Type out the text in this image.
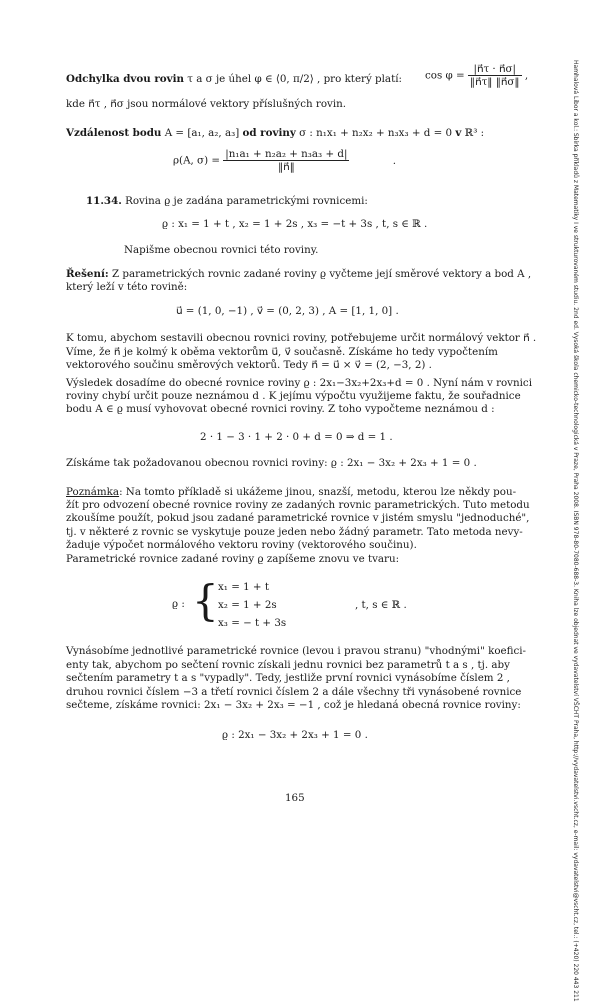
Hamhalová Libor a kol.: Sbírka příkladů z Matematiky I ve strukturovaném studiu. 2nd ed. Vysoká škola chemicko-technologická v Praze, Praha 2008. ISBN 978-80-7080-688-3. Kniha lze objednat ve vydavatelství VŠCHT Praha, http://vydavatelstvi.vscht.cz, e-mail: vydavatelstvi@vscht.cz, tel.: (+420) 220 443 211
Odchylka dvou rovin τ a σ je úhel φ ∈ ⟨0, π/2⟩ , pro který platí: $\cos \varphi = \frac{|n⃗\tau \cdot n⃗\sigma|}{‖n⃗\tau‖ ‖n⃗\sigma‖}$ ,
kde n⃗τ , n⃗σ jsou normálové vektory příslušných rovin.
Vzdálenost bodu A = [a₁, a₂, a₃] od roviny σ : n₁x₁ + n₂x₂ + n₃x₃ + d = 0 v ℝ³ :
ρ(A, $\sigma) = \frac{\text{|n₁a₁ + n₂a₂ + n₃a₃ + d|}}{‖n⃗‖}$	.
11.34. Rovina ϱ je zadána parametrickými rovnicemi:
ϱ : x₁ = 1 + t , x₂ = 1 + 2s , x₃ = −t + 3s , t, s ∈ ℝ .
Napišme obecnou rovnici této roviny.
Řešení: Z parametrických rovnic zadané roviny ϱ vyčteme její směrové vektory a bod A ,
který leží v této rovině:
u⃗ = (1, 0, −1) , v⃗ = (0, 2, 3) , A = [1, 1, 0] .
K tomu, abychom sestavili obecnou rovnici roviny, potřebujeme určit normálový vektor n⃗ .
Víme, že n⃗ je kolmý k oběma vektorům u⃗, v⃗ současně. Získáme ho tedy vypočtením
vektorového součinu směrových vektorů. Tedy n⃗ = u⃗ × v⃗ = (2, −3, 2) .
Výsledek dosadíme do obecné rovnice roviny ϱ : 2x₁−3x₂+2x₃+d = 0 . Nyní nám v rovnici
roviny chybí určit pouze neznámou d . K jejímu výpočtu využijeme faktu, že souřadnice
bodu A ∈ ϱ musí vyhovovat obecné rovnici roviny. Z toho vypočteme neznámou d :
2 · 1 − 3 · 1 + 2 · 0 + d = 0 ⇒ d = 1 .
Získáme tak požadovanou obecnou rovnici roviny: ϱ : 2x₁ − 3x₂ + 2x₃ + 1 = 0 .
Poznámka: Na tomto příkladě si ukážeme jinou, snazší, metodu, kterou lze někdy pou-
žít pro odvození obecné rovnice roviny ze zadaných rovnic parametrických. Tuto metodu
zkoušíme použít, pokud jsou zadané parametrické rovnice v jistém smyslu "jednoduché",
tj. v některé z rovnic se vyskytuje pouze jeden nebo žádný parametr. Tato metoda nevy-
žaduje výpočet normálového vektoru roviny (vektorového součinu).
Parametrické rovnice zadané roviny ϱ zapíšeme znovu ve tvaru:
ϱ : { x₁ = 1 + t
x₂ = 1 + 2s
x₃ = − t + 3s
, t, s ∈ ℝ .
Vynásobíme jednotlivé parametrické rovnice (levou i pravou stranu) "vhodnými" koefici-
enty tak, abychom po sečtení rovnic získali jednu rovnici bez parametrů t a s , tj. aby
sečtením parametry t a s "vypadly". Tedy, jestliže první rovnici vynásobíme číslem 2 ,
druhou rovnici číslem −3 a třetí rovnici číslem 2 a dále všechny tři vynásobené rovnice
sečteme, získáme rovnici: 2x₁ − 3x₂ + 2x₃ = −1 , což je hledaná obecná rovnice roviny:
ϱ : 2x₁ − 3x₂ + 2x₃ + 1 = 0 .
165
